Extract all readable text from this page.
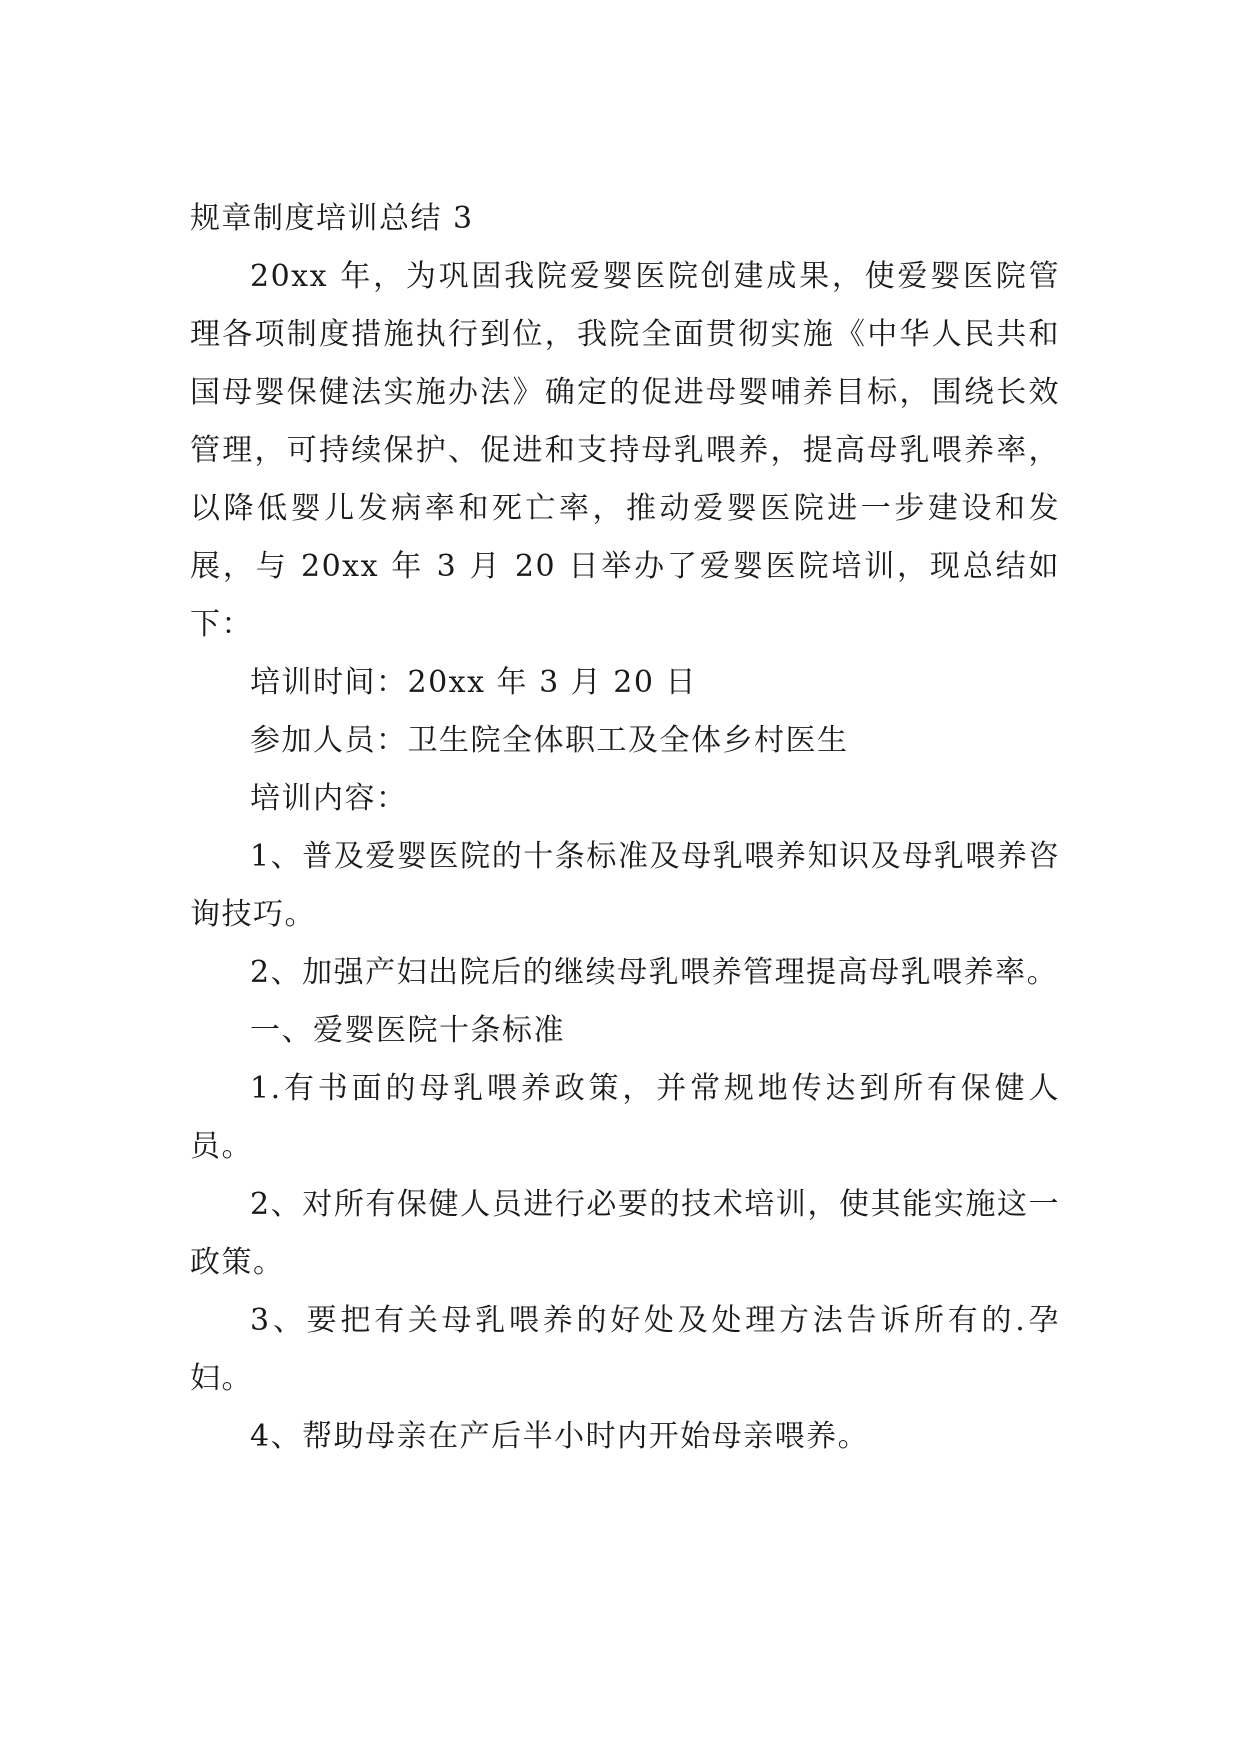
规章制度培训总结 3

20xx 年，为巩固我院爱婴医院创建成果，使爱婴医院管理各项制度措施执行到位，我院全面贯彻实施《中华人民共和国母婴保健法实施办法》确定的促进母婴哺养目标，围绕长效管理，可持续保护、促进和支持母乳喂养，提高母乳喂养率，以降低婴儿发病率和死亡率，推动爱婴医院进一步建设和发展，与 20xx 年 3 月 20 日举办了爱婴医院培训，现总结如下：

培训时间：20xx 年 3 月 20 日

参加人员：卫生院全体职工及全体乡村医生

培训内容：

1、普及爱婴医院的十条标准及母乳喂养知识及母乳喂养咨询技巧。

2、加强产妇出院后的继续母乳喂养管理提高母乳喂养率。

一、爱婴医院十条标准

1.有书面的母乳喂养政策，并常规地传达到所有保健人员。

2、对所有保健人员进行必要的技术培训，使其能实施这一政策。

3、要把有关母乳喂养的好处及处理方法告诉所有的.孕妇。

4、帮助母亲在产后半小时内开始母亲喂养。
